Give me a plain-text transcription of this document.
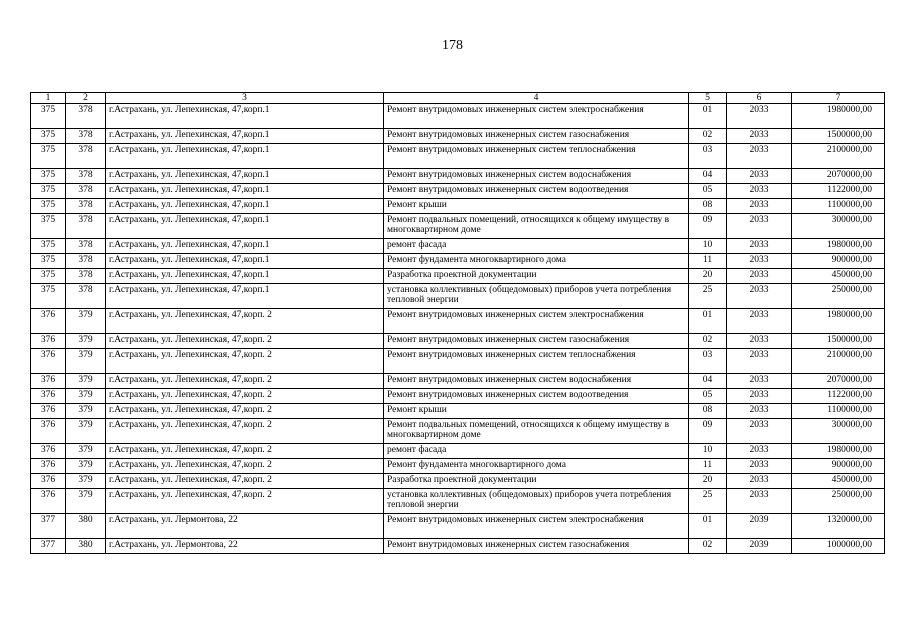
178
1	2	3	4	5	6	7
375	378	г.Астрахань, ул. Лепехинская, 47,корп.1	Ремонт внутридомовых инженерных систем электроснабжения	01	2033	1980000,00
375	378	г.Астрахань, ул. Лепехинская, 47,корп.1	Ремонт внутридомовых инженерных систем газоснабжения	02	2033	1500000,00
375	378	г.Астрахань, ул. Лепехинская, 47,корп.1	Ремонт внутридомовых инженерных систем теплоснабжения	03	2033	2100000,00
375	378	г.Астрахань, ул. Лепехинская, 47,корп.1	Ремонт внутридомовых инженерных систем водоснабжения	04	2033	2070000,00
375	378	г.Астрахань, ул. Лепехинская, 47,корп.1	Ремонт внутридомовых инженерных систем водоотведения	05	2033	1122000,00
375	378	г.Астрахань, ул. Лепехинская, 47,корп.1	Ремонт крыши	08	2033	1100000,00
375	378	г.Астрахань, ул. Лепехинская, 47,корп.1	Ремонт подвальных помещений, относящихся к общему имуществу в многоквартирном доме	09	2033	300000,00
375	378	г.Астрахань, ул. Лепехинская, 47,корп.1	ремонт фасада	10	2033	1980000,00
375	378	г.Астрахань, ул. Лепехинская, 47,корп.1	Ремонт фундамента многоквартирного дома	11	2033	900000,00
375	378	г.Астрахань, ул. Лепехинская, 47,корп.1	Разработка проектной документации	20	2033	450000,00
375	378	г.Астрахань, ул. Лепехинская, 47,корп.1	установка коллективных (общедомовых) приборов учета потребления тепловой энергии	25	2033	250000,00
376	379	г.Астрахань, ул. Лепехинская, 47,корп. 2	Ремонт внутридомовых инженерных систем электроснабжения	01	2033	1980000,00
376	379	г.Астрахань, ул. Лепехинская, 47,корп. 2	Ремонт внутридомовых инженерных систем газоснабжения	02	2033	1500000,00
376	379	г.Астрахань, ул. Лепехинская, 47,корп. 2	Ремонт внутридомовых инженерных систем теплоснабжения	03	2033	2100000,00
376	379	г.Астрахань, ул. Лепехинская, 47,корп. 2	Ремонт внутридомовых инженерных систем водоснабжения	04	2033	2070000,00
376	379	г.Астрахань, ул. Лепехинская, 47,корп. 2	Ремонт внутридомовых инженерных систем водоотведения	05	2033	1122000,00
376	379	г.Астрахань, ул. Лепехинская, 47,корп. 2	Ремонт крыши	08	2033	1100000,00
376	379	г.Астрахань, ул. Лепехинская, 47,корп. 2	Ремонт подвальных помещений, относящихся к общему имуществу в многоквартирном доме	09	2033	300000,00
376	379	г.Астрахань, ул. Лепехинская, 47,корп. 2	ремонт фасада	10	2033	1980000,00
376	379	г.Астрахань, ул. Лепехинская, 47,корп. 2	Ремонт фундамента многоквартирного дома	11	2033	900000,00
376	379	г.Астрахань, ул. Лепехинская, 47,корп. 2	Разработка проектной документации	20	2033	450000,00
376	379	г.Астрахань, ул. Лепехинская, 47,корп. 2	установка коллективных (общедомовых) приборов учета потребления тепловой энергии	25	2033	250000,00
377	380	г.Астрахань, ул. Лермонтова, 22	Ремонт внутридомовых инженерных систем электроснабжения	01	2039	1320000,00
377	380	г.Астрахань, ул. Лермонтова, 22	Ремонт внутридомовых инженерных систем газоснабжения	02	2039	1000000,00
